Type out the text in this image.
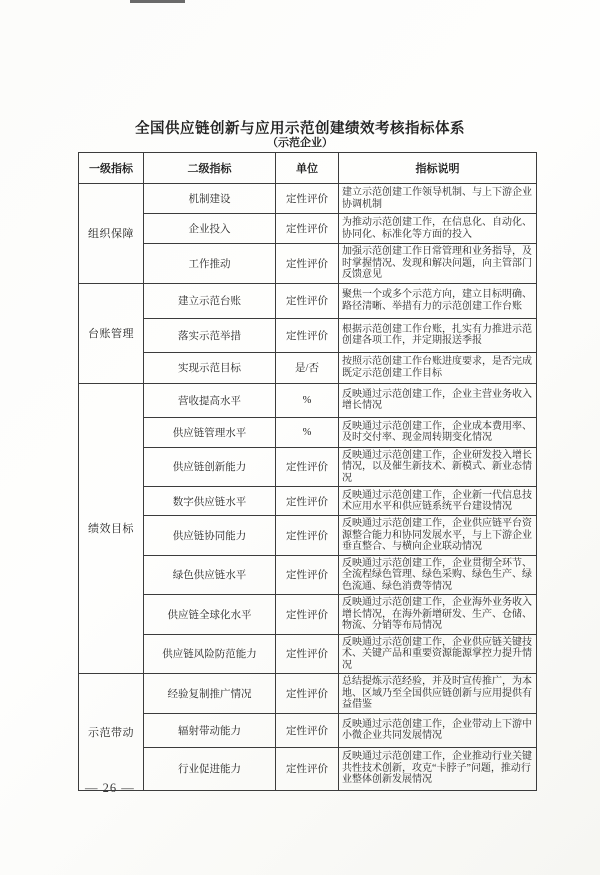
全国供应链创新与应用示范创建绩效考核指标体系
（示范企业）
一级指标	二级指标	单位	指标说明
组织保障	机制建设	定性评价	建立示范创建工作领导机制、与上下游企业协调机制
	企业投入	定性评价	为推动示范创建工作，在信息化、自动化、协同化、标准化等方面的投入
	工作推动	定性评价	加强示范创建工作日常管理和业务指导，及时掌握情况、发现和解决问题，向主管部门反馈意见
台账管理	建立示范台账	定性评价	聚焦一个或多个示范方向，建立目标明确、路径清晰、举措有力的示范创建工作台账
	落实示范举措	定性评价	根据示范创建工作台账，扎实有力推进示范创建各项工作，并定期报送季报
	实现示范目标	是/否	按照示范创建工作台账进度要求，是否完成既定示范创建工作目标
绩效目标	营收提高水平	%	反映通过示范创建工作，企业主营业务收入增长情况
	供应链管理水平	%	反映通过示范创建工作，企业成本费用率、及时交付率、现金周转期变化情况
	供应链创新能力	定性评价	反映通过示范创建工作，企业研发投入增长情况，以及催生新技术、新模式、新业态情况
	数字供应链水平	定性评价	反映通过示范创建工作，企业新一代信息技术应用水平和供应链系统平台建设情况
	供应链协同能力	定性评价	反映通过示范创建工作，企业供应链平台资源整合能力和协同发展水平，与上下游企业垂直整合、与横向企业联动情况
	绿色供应链水平	定性评价	反映通过示范创建工作，企业贯彻全环节、全流程绿色管理、绿色采购、绿色生产、绿色流通、绿色消费等情况
	供应链全球化水平	定性评价	反映通过示范创建工作，企业海外业务收入增长情况，在海外新增研发、生产、仓储、物流、分销等布局情况
	供应链风险防范能力	定性评价	反映通过示范创建工作，企业供应链关键技术、关键产品和重要资源能源掌控力提升情况
示范带动	经验复制推广情况	定性评价	总结提炼示范经验，并及时宣传推广，为本地、区域乃至全国供应链创新与应用提供有益借鉴
	辐射带动能力	定性评价	反映通过示范创建工作，企业带动上下游中小微企业共同发展情况
	行业促进能力	定性评价	反映通过示范创建工作，企业推动行业关键共性技术创新，攻克“卡脖子”问题，推动行业整体创新发展情况
— 26 —
